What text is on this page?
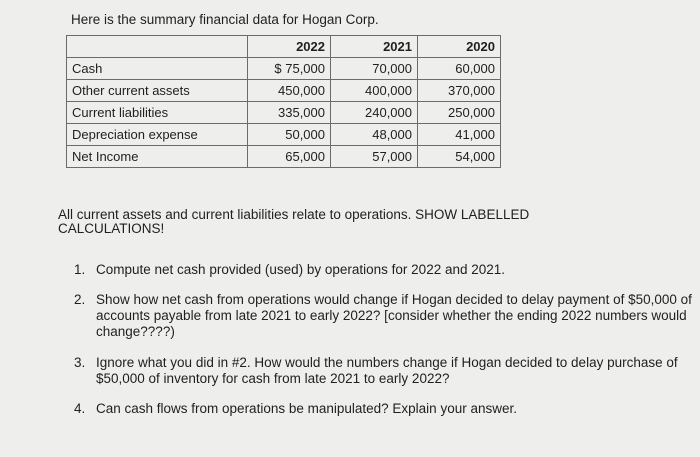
Here is the summary financial data for Hogan Corp.
	2022	2021	2020
Cash	$ 75,000	70,000	60,000
Other current assets	450,000	400,000	370,000
Current liabilities	335,000	240,000	250,000
Depreciation expense	50,000	48,000	41,000
Net Income	65,000	57,000	54,000
All current assets and current liabilities relate to operations. SHOW LABELLED CALCULATIONS!
1. Compute net cash provided (used) by operations for 2022 and 2021.
2. Show how net cash from operations would change if Hogan decided to delay payment of $50,000 of accounts payable from late 2021 to early 2022? [consider whether the ending 2022 numbers would change????)
3. Ignore what you did in #2. How would the numbers change if Hogan decided to delay purchase of $50,000 of inventory for cash from late 2021 to early 2022?
4. Can cash flows from operations be manipulated? Explain your answer.
